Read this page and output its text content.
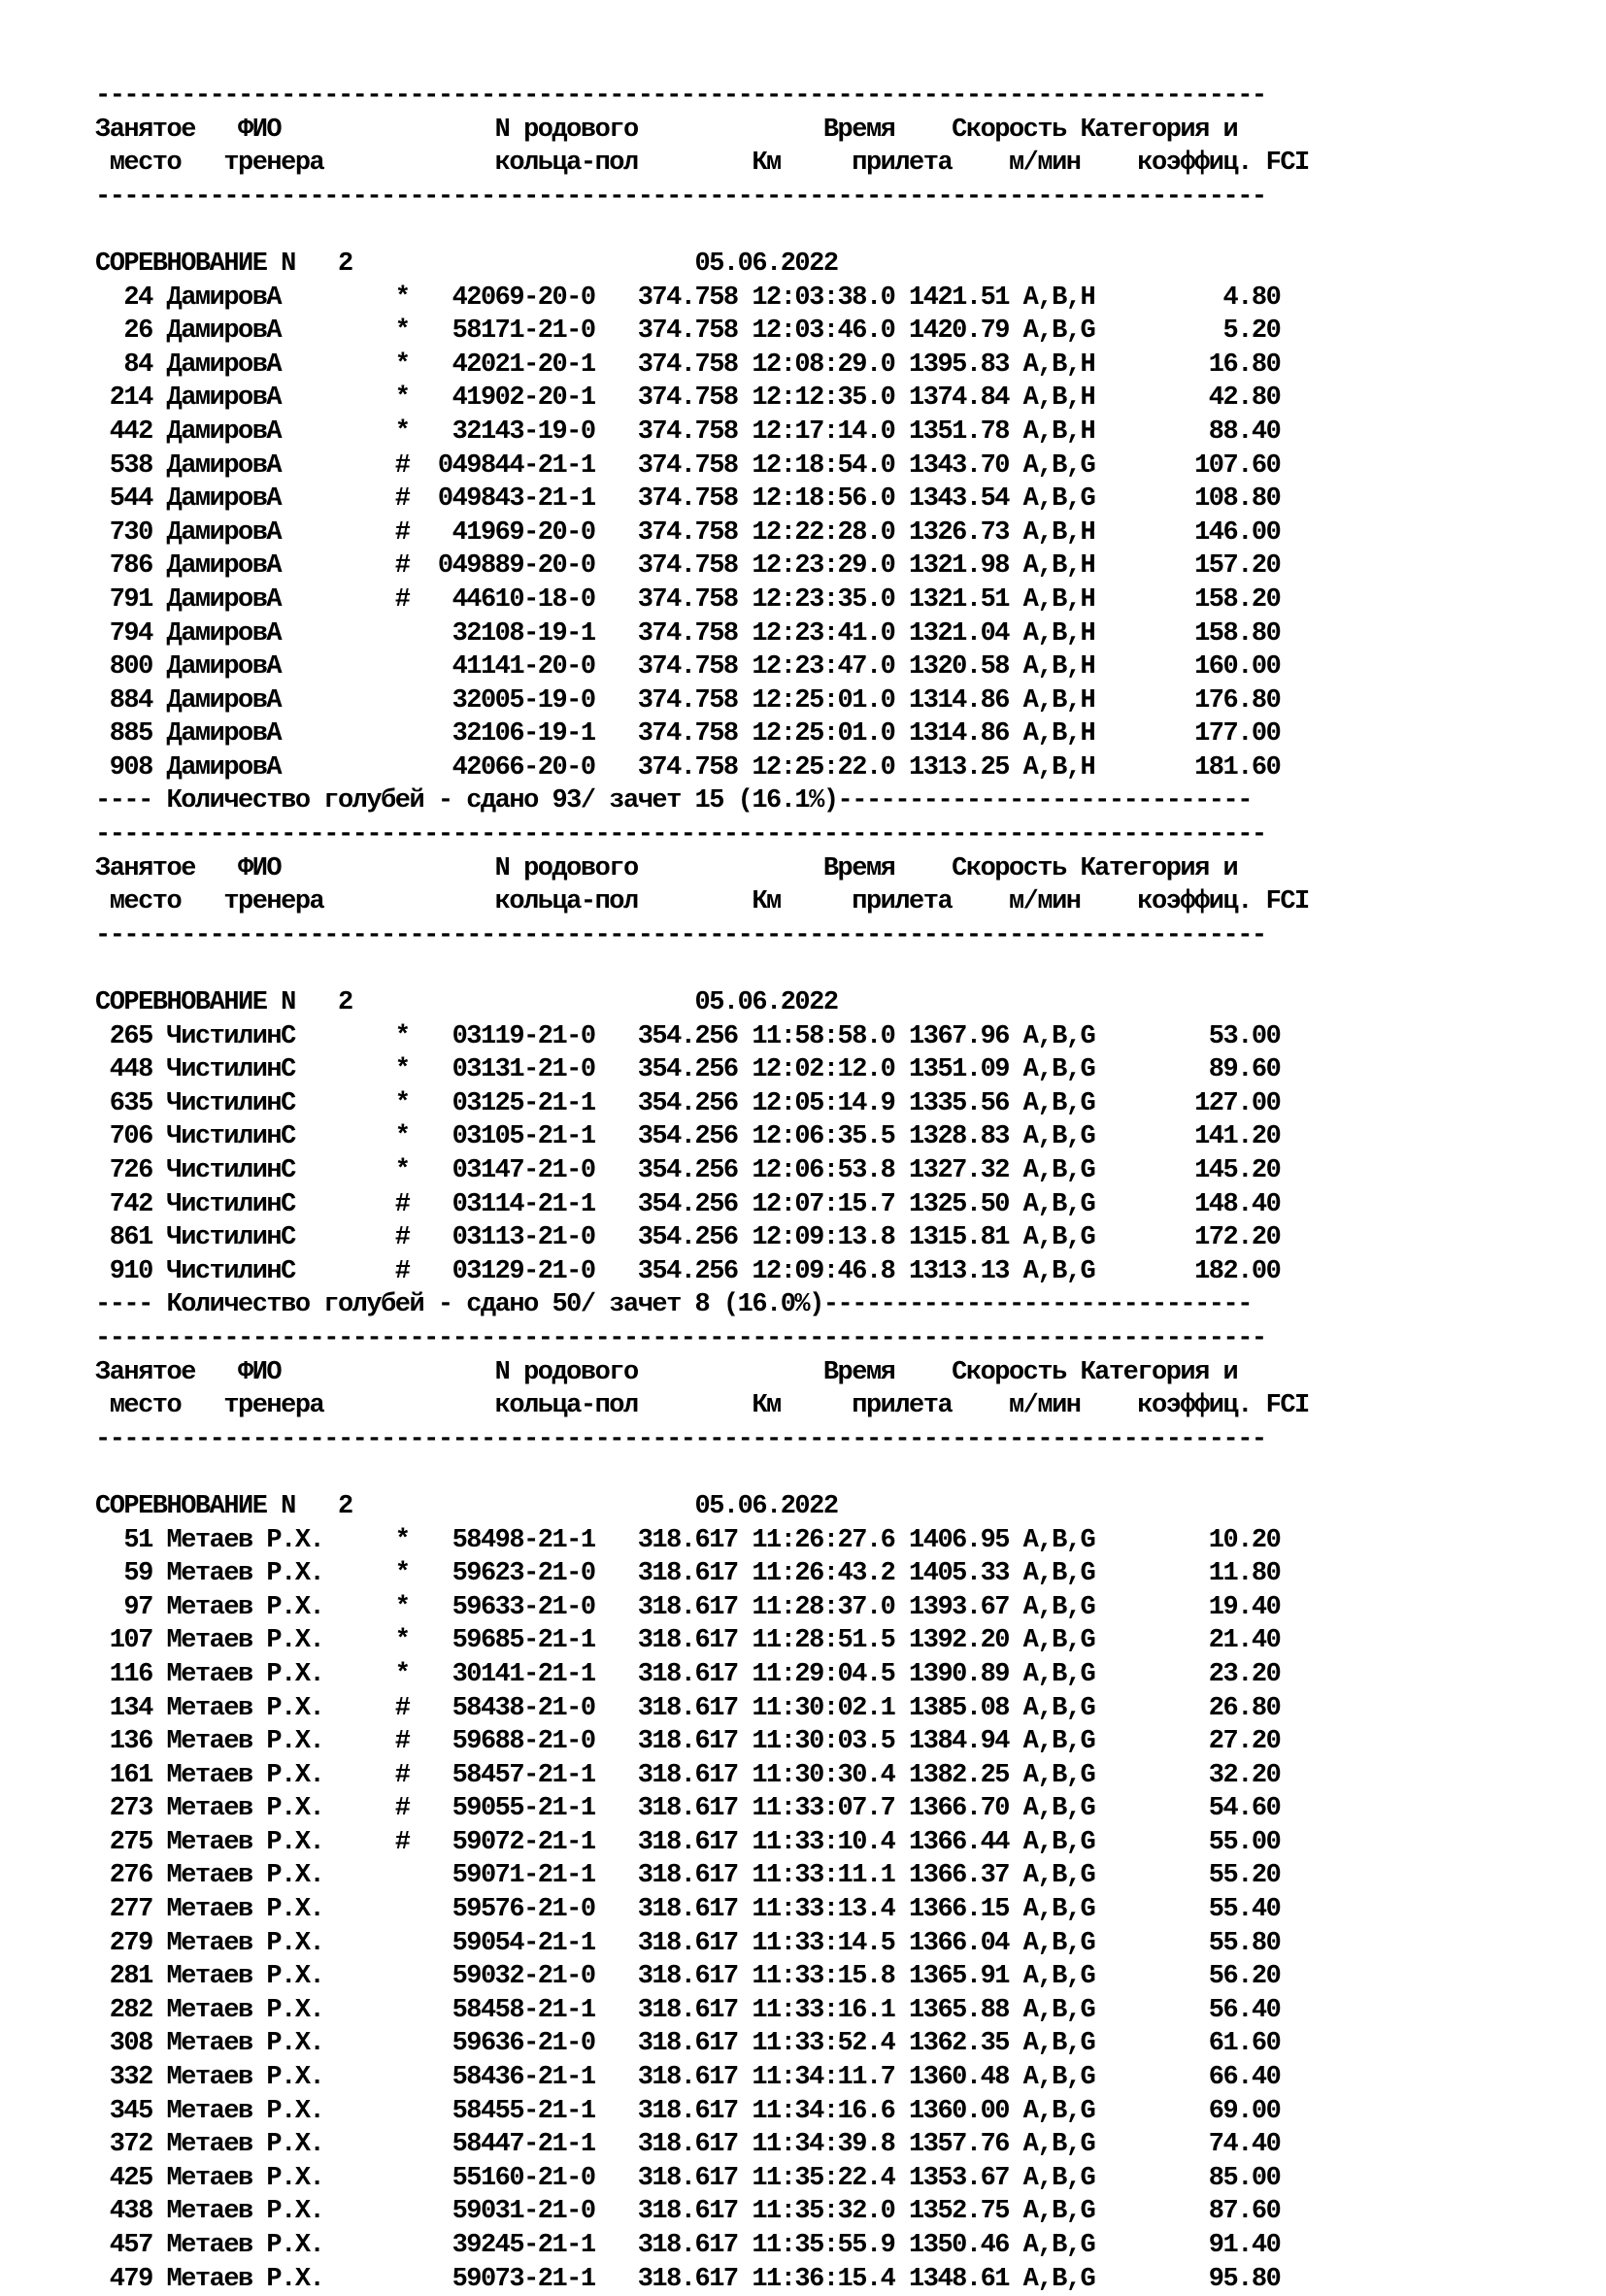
----------------------------------------------------------------------------------
Занятое   ФИО               N родового             Время    Скорость Категория и
место   тренера            кольца-пол        Км     прилета    м/мин    коэффиц. FCI
----------------------------------------------------------------------------------

СОРЕВНОВАНИЕ N   2                        05.06.2022
24 ДамировА        *   42069-20-0   374.758 12:03:38.0 1421.51 A,B,H         4.80
26 ДамировА        *   58171-21-0   374.758 12:03:46.0 1420.79 A,B,G         5.20
84 ДамировА        *   42021-20-1   374.758 12:08:29.0 1395.83 A,B,H        16.80
214 ДамировА        *   41902-20-1   374.758 12:12:35.0 1374.84 A,B,H        42.80
442 ДамировА        *   32143-19-0   374.758 12:17:14.0 1351.78 A,B,H        88.40
538 ДамировА        #  049844-21-1   374.758 12:18:54.0 1343.70 A,B,G       107.60
544 ДамировА        #  049843-21-1   374.758 12:18:56.0 1343.54 A,B,G       108.80
730 ДамировА        #   41969-20-0   374.758 12:22:28.0 1326.73 A,B,H       146.00
786 ДамировА        #  049889-20-0   374.758 12:23:29.0 1321.98 A,B,H       157.20
791 ДамировА        #   44610-18-0   374.758 12:23:35.0 1321.51 A,B,H       158.20
794 ДамировА            32108-19-1   374.758 12:23:41.0 1321.04 A,B,H       158.80
800 ДамировА            41141-20-0   374.758 12:23:47.0 1320.58 A,B,H       160.00
884 ДамировА            32005-19-0   374.758 12:25:01.0 1314.86 A,B,H       176.80
885 ДамировА            32106-19-1   374.758 12:25:01.0 1314.86 A,B,H       177.00
908 ДамировА            42066-20-0   374.758 12:25:22.0 1313.25 A,B,H       181.60
---- Количество голубей - сдано 93/ зачет 15 (16.1%)-----------------------------
----------------------------------------------------------------------------------
Занятое   ФИО               N родового             Время    Скорость Категория и
место   тренера            кольца-пол        Км     прилета    м/мин    коэффиц. FCI
----------------------------------------------------------------------------------

СОРЕВНОВАНИЕ N   2                        05.06.2022
265 ЧистилинС       *   03119-21-0   354.256 11:58:58.0 1367.96 A,B,G        53.00
448 ЧистилинС       *   03131-21-0   354.256 12:02:12.0 1351.09 A,B,G        89.60
635 ЧистилинС       *   03125-21-1   354.256 12:05:14.9 1335.56 A,B,G       127.00
706 ЧистилинС       *   03105-21-1   354.256 12:06:35.5 1328.83 A,B,G       141.20
726 ЧистилинС       *   03147-21-0   354.256 12:06:53.8 1327.32 A,B,G       145.20
742 ЧистилинС       #   03114-21-1   354.256 12:07:15.7 1325.50 A,B,G       148.40
861 ЧистилинС       #   03113-21-0   354.256 12:09:13.8 1315.81 A,B,G       172.20
910 ЧистилинС       #   03129-21-0   354.256 12:09:46.8 1313.13 A,B,G       182.00
---- Количество голубей - сдано 50/ зачет 8 (16.0%)------------------------------
----------------------------------------------------------------------------------
Занятое   ФИО               N родового             Время    Скорость Категория и
место   тренера            кольца-пол        Км     прилета    м/мин    коэффиц. FCI
----------------------------------------------------------------------------------

СОРЕВНОВАНИЕ N   2                        05.06.2022
51 Метаев Р.Х.     *   58498-21-1   318.617 11:26:27.6 1406.95 A,B,G        10.20
59 Метаев Р.Х.     *   59623-21-0   318.617 11:26:43.2 1405.33 A,B,G        11.80
97 Метаев Р.Х.     *   59633-21-0   318.617 11:28:37.0 1393.67 A,B,G        19.40
107 Метаев Р.Х.     *   59685-21-1   318.617 11:28:51.5 1392.20 A,B,G        21.40
116 Метаев Р.Х.     *   30141-21-1   318.617 11:29:04.5 1390.89 A,B,G        23.20
134 Метаев Р.Х.     #   58438-21-0   318.617 11:30:02.1 1385.08 A,B,G        26.80
136 Метаев Р.Х.     #   59688-21-0   318.617 11:30:03.5 1384.94 A,B,G        27.20
161 Метаев Р.Х.     #   58457-21-1   318.617 11:30:30.4 1382.25 A,B,G        32.20
273 Метаев Р.Х.     #   59055-21-1   318.617 11:33:07.7 1366.70 A,B,G        54.60
275 Метаев Р.Х.     #   59072-21-1   318.617 11:33:10.4 1366.44 A,B,G        55.00
276 Метаев Р.Х.         59071-21-1   318.617 11:33:11.1 1366.37 A,B,G        55.20
277 Метаев Р.Х.         59576-21-0   318.617 11:33:13.4 1366.15 A,B,G        55.40
279 Метаев Р.Х.         59054-21-1   318.617 11:33:14.5 1366.04 A,B,G        55.80
281 Метаев Р.Х.         59032-21-0   318.617 11:33:15.8 1365.91 A,B,G        56.20
282 Метаев Р.Х.         58458-21-1   318.617 11:33:16.1 1365.88 A,B,G        56.40
308 Метаев Р.Х.         59636-21-0   318.617 11:33:52.4 1362.35 A,B,G        61.60
332 Метаев Р.Х.         58436-21-1   318.617 11:34:11.7 1360.48 A,B,G        66.40
345 Метаев Р.Х.         58455-21-1   318.617 11:34:16.6 1360.00 A,B,G        69.00
372 Метаев Р.Х.         58447-21-1   318.617 11:34:39.8 1357.76 A,B,G        74.40
425 Метаев Р.Х.         55160-21-0   318.617 11:35:22.4 1353.67 A,B,G        85.00
438 Метаев Р.Х.         59031-21-0   318.617 11:35:32.0 1352.75 A,B,G        87.60
457 Метаев Р.Х.         39245-21-1   318.617 11:35:55.9 1350.46 A,B,G        91.40
479 Метаев Р.Х.         59073-21-1   318.617 11:36:15.4 1348.61 A,B,G        95.80
